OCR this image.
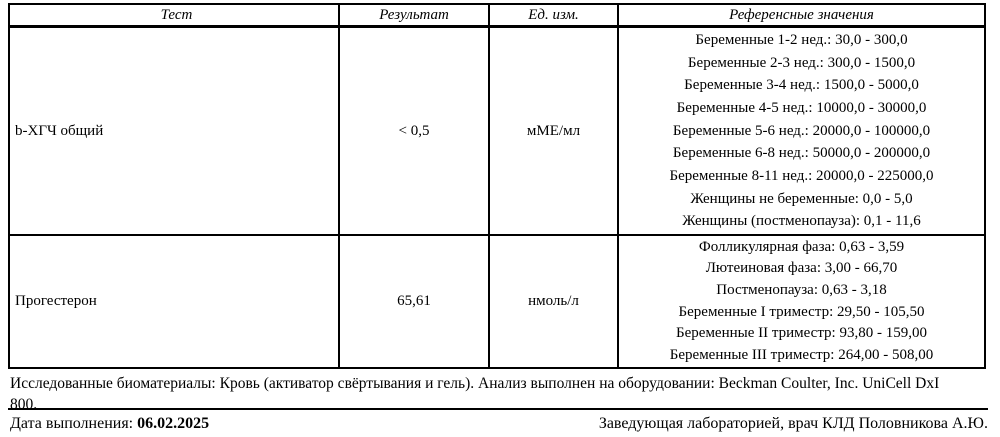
Тест	Результат	Ед. изм.	Референсные значения
b-ХГЧ общий	< 0,5	мМЕ/мл
Беременные 1-2 нед.: 30,0 - 300,0
Беременные 2-3 нед.: 300,0 - 1500,0
Беременные 3-4 нед.: 1500,0 - 5000,0
Беременные 4-5 нед.: 10000,0 - 30000,0
Беременные 5-6 нед.: 20000,0 - 100000,0
Беременные 6-8 нед.: 50000,0 - 200000,0
Беременные 8-11 нед.: 20000,0 - 225000,0
Женщины не беременные: 0,0 - 5,0
Женщины (постменопауза): 0,1 - 11,6
Прогестерон	65,61	нмоль/л
Фолликулярная фаза: 0,63 - 3,59
Лютеиновая фаза: 3,00 - 66,70
Постменопауза: 0,63 - 3,18
Беременные I триместр: 29,50 - 105,50
Беременные II триместр: 93,80 - 159,00
Беременные III триместр: 264,00 - 508,00
Исследованные биоматериалы: Кровь (активатор свёртывания и гель). Анализ выполнен на оборудовании: Beckman Coulter, Inc. UniCell DxI
800.
Дата выполнения: 06.02.2025	Заведующая лабораторией, врач КЛД Половникова А.Ю.
